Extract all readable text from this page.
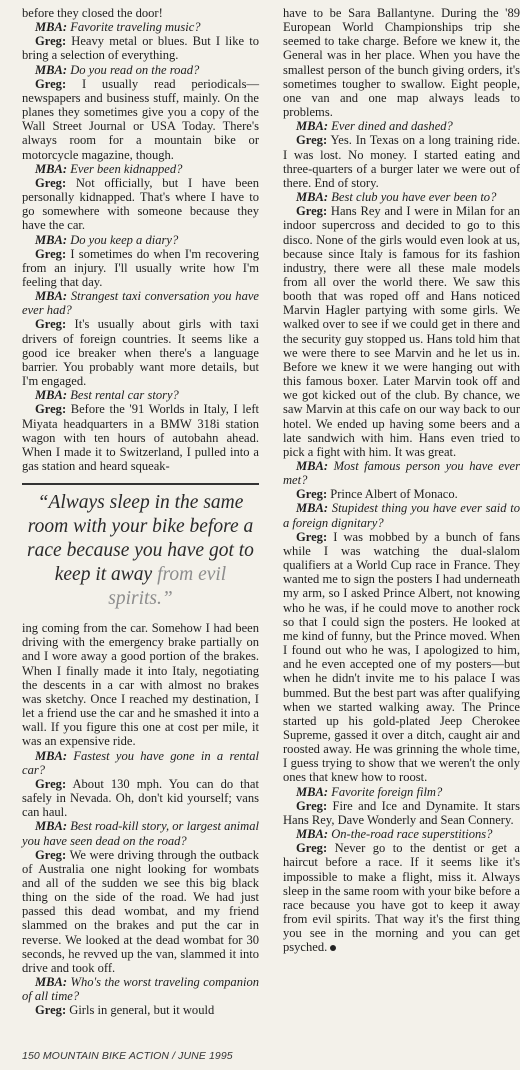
before they closed the door!

MBA: Favorite traveling music?

Greg: Heavy metal or blues. But I like to bring a selection of everything.

MBA: Do you read on the road?

Greg: I usually read periodicals—newspapers and business stuff, mainly. On the planes they sometimes give you a copy of the Wall Street Journal or USA Today. There's always room for a mountain bike or motorcycle magazine, though.

MBA: Ever been kidnapped?

Greg: Not officially, but I have been personally kidnapped. That's where I have to go somewhere with someone because they have the car.

MBA: Do you keep a diary?

Greg: I sometimes do when I'm recovering from an injury. I'll usually write how I'm feeling that day.

MBA: Strangest taxi conversation you have ever had?

Greg: It's usually about girls with taxi drivers of foreign countries. It seems like a good ice breaker when there's a language barrier. You probably want more details, but I'm engaged.

MBA: Best rental car story?

Greg: Before the '91 Worlds in Italy, I left Miyata headquarters in a BMW 318i station wagon with ten hours of autobahn ahead. When I made it to Switzerland, I pulled into a gas station and heard squeak-

“Always sleep in the same room with your bike before a race because you have got to keep it away from evil spirits.”

ing coming from the car. Somehow I had been driving with the emergency brake partially on and I wore away a good portion of the brakes. When I finally made it into Italy, negotiating the descents in a car with almost no brakes was sketchy. Once I reached my destination, I let a friend use the car and he smashed it into a wall. If you figure this one at cost per mile, it was an expensive ride.

MBA: Fastest you have gone in a rental car?

Greg: About 130 mph. You can do that safely in Nevada. Oh, don't kid yourself; vans can haul.

MBA: Best road-kill story, or largest animal you have seen dead on the road?

Greg: We were driving through the outback of Australia one night looking for wombats and all of the sudden we see this big black thing on the side of the road. We had just passed this dead wombat, and my friend slammed on the brakes and put the car in reverse. We looked at the dead wombat for 30 seconds, he revved up the van, slammed it into drive and took off.

MBA: Who's the worst traveling companion of all time?

Greg: Girls in general, but it would

have to be Sara Ballantyne. During the '89 European World Championships trip she seemed to take charge. Before we knew it, the General was in her place. When you have the smallest person of the bunch giving orders, it's sometimes tougher to swallow. Eight people, one van and one map always leads to problems.

MBA: Ever dined and dashed?

Greg: Yes. In Texas on a long training ride. I was lost. No money. I started eating and three-quarters of a burger later we were out of there. End of story.

MBA: Best club you have ever been to?

Greg: Hans Rey and I were in Milan for an indoor supercross and decided to go to this disco. None of the girls would even look at us, because since Italy is famous for its fashion industry, there were all these male models from all over the world there. We saw this booth that was roped off and Hans noticed Marvin Hagler partying with some girls. We walked over to see if we could get in there and the security guy stopped us. Hans told him that we were there to see Marvin and he let us in. Before we knew it we were hanging out with this famous boxer. Later Marvin took off and we got kicked out of the club. By chance, we saw Marvin at this cafe on our way back to our hotel. We ended up having some beers and a late sandwich with him. Hans even tried to pick a fight with him. It was great.

MBA: Most famous person you have ever met?

Greg: Prince Albert of Monaco.

MBA: Stupidest thing you have ever said to a foreign dignitary?

Greg: I was mobbed by a bunch of fans while I was watching the dual-slalom qualifiers at a World Cup race in France. They wanted me to sign the posters I had underneath my arm, so I asked Prince Albert, not knowing who he was, if he could move to another rock so that I could sign the posters. He looked at me kind of funny, but the Prince moved. When I found out who he was, I apologized to him, and he even accepted one of my posters—but when he didn't invite me to his palace I was bummed. But the best part was after qualifying when we started walking away. The Prince started up his gold-plated Jeep Cherokee Supreme, gassed it over a ditch, caught air and roosted away. He was grinning the whole time, I guess trying to show that we weren't the only ones that knew how to roost.

MBA: Favorite foreign film?

Greg: Fire and Ice and Dynamite. It stars Hans Rey, Dave Wonderly and Sean Connery.

MBA: On-the-road race superstitions?

Greg: Never go to the dentist or get a haircut before a race. If it seems like it's impossible to make a flight, miss it. Always sleep in the same room with your bike before a race because you have got to keep it away from evil spirits. That way it's the first thing you see in the morning and you can get psyched.

150 MOUNTAIN BIKE ACTION / JUNE 1995
